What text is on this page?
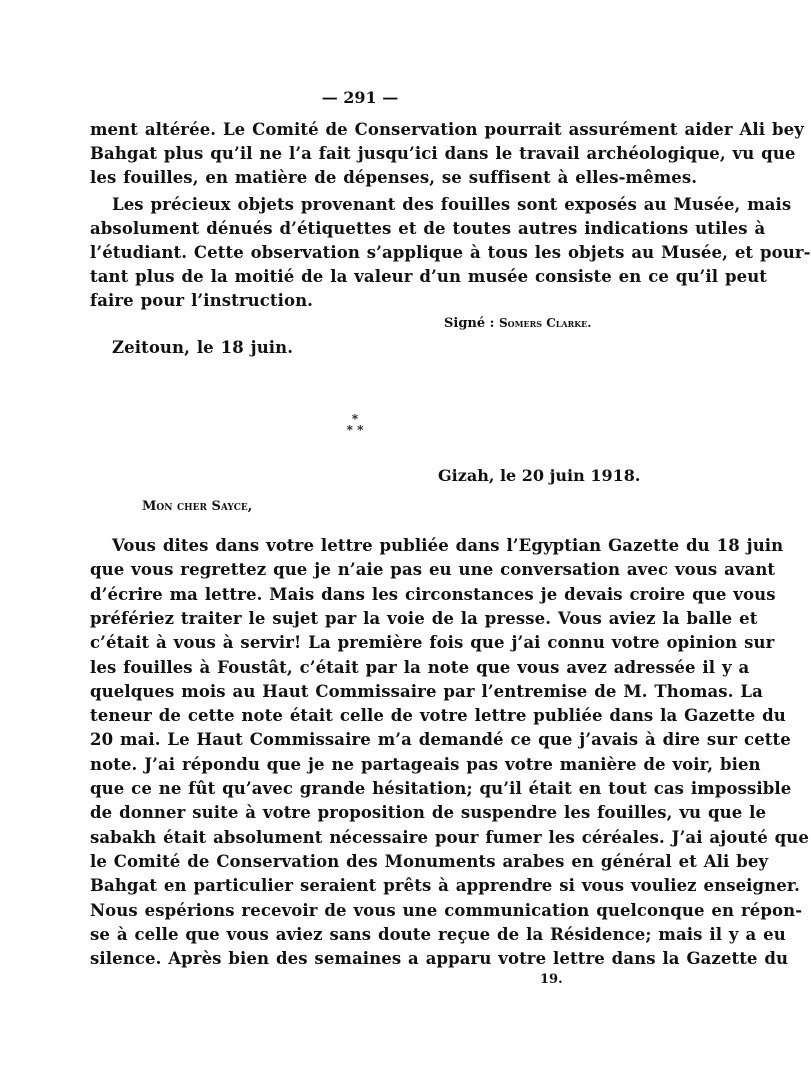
— 291 —
ment altérée. Le Comité de Conservation pourrait assurément aider Ali bey
Bahgat plus qu’il ne l’a fait jusqu’ici dans le travail archéologique, vu que
les fouilles, en matière de dépenses, se suffisent à elles-mêmes.
Les précieux objets provenant des fouilles sont exposés au Musée, mais
absolument dénués d’étiquettes et de toutes autres indications utiles à
l’étudiant. Cette observation s’applique à tous les objets au Musée, et pour-
tant plus de la moitié de la valeur d’un musée consiste en ce qu’il peut
faire pour l’instruction.
Signé : Somers Clarke.
Zeitoun, le 18 juin.
*
* *
Gizah, le 20 juin 1918.
Mon cher Sayce,
Vous dites dans votre lettre publiée dans l’Egyptian Gazette du 18 juin
que vous regrettez que je n’aie pas eu une conversation avec vous avant
d’écrire ma lettre. Mais dans les circonstances je devais croire que vous
préfériez traiter le sujet par la voie de la presse. Vous aviez la balle et
c’était à vous à servir! La première fois que j’ai connu votre opinion sur
les fouilles à Foustât, c’était par la note que vous avez adressée il y a
quelques mois au Haut Commissaire par l’entremise de M. Thomas. La
teneur de cette note était celle de votre lettre publiée dans la Gazette du
20 mai. Le Haut Commissaire m’a demandé ce que j’avais à dire sur cette
note. J’ai répondu que je ne partageais pas votre manière de voir, bien
que ce ne fût qu’avec grande hésitation; qu’il était en tout cas impossible
de donner suite à votre proposition de suspendre les fouilles, vu que le
sabakh était absolument nécessaire pour fumer les céréales. J’ai ajouté que
le Comité de Conservation des Monuments arabes en général et Ali bey
Bahgat en particulier seraient prêts à apprendre si vous vouliez enseigner.
Nous espérions recevoir de vous une communication quelconque en répon-
se à celle que vous aviez sans doute reçue de la Résidence; mais il y a eu
silence. Après bien des semaines a apparu votre lettre dans la Gazette du
19.
